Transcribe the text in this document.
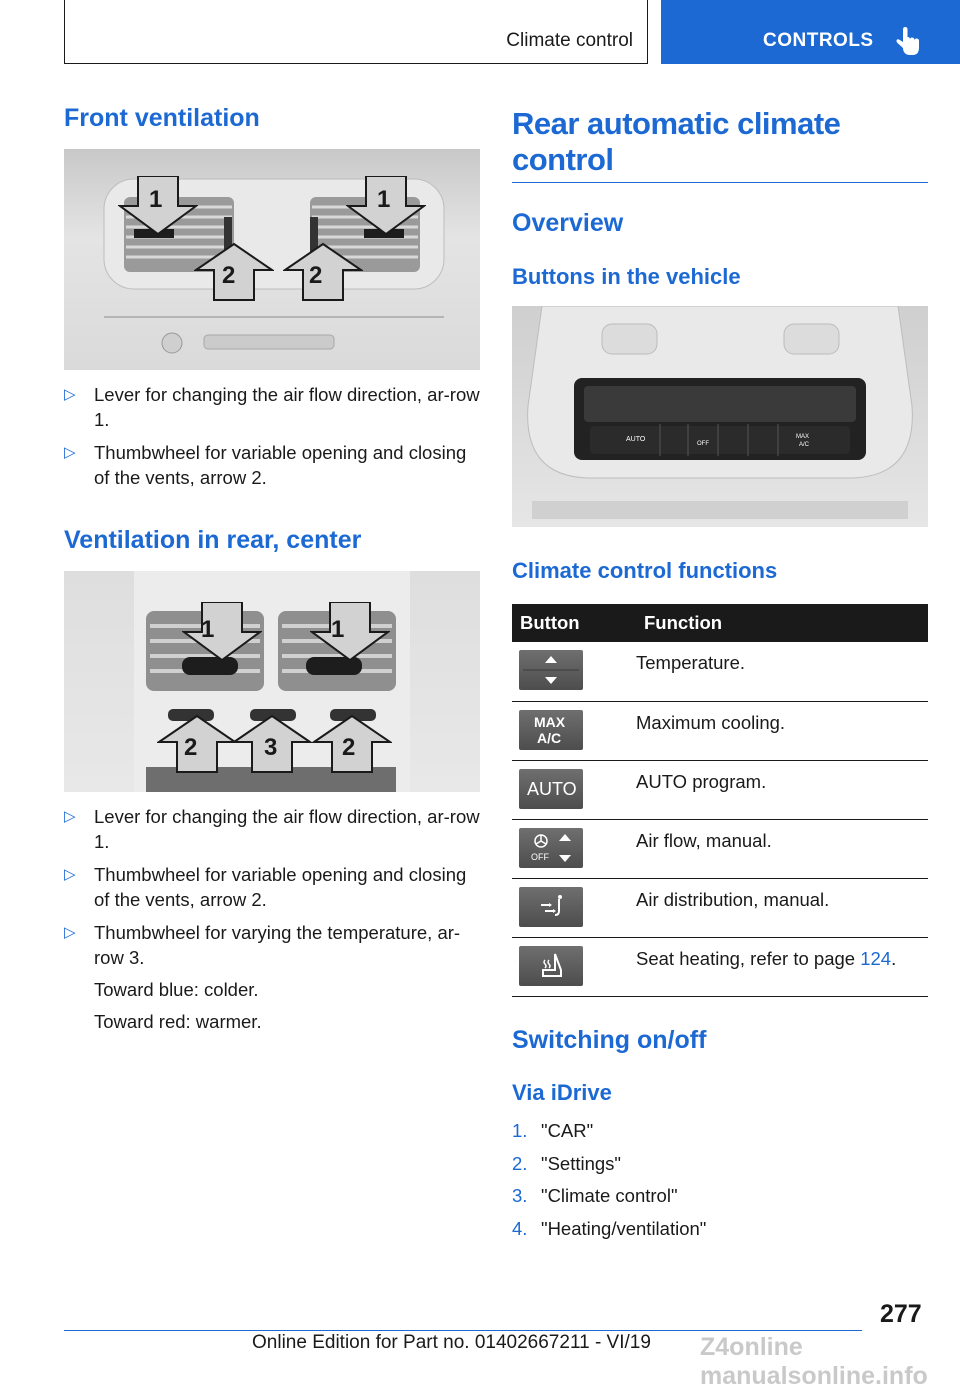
Climate control	CONTROLS
Front ventilation
1	1
2	2
▷ Lever for changing the air flow direction, ar-row 1.
▷ Thumbwheel for variable opening and closing of the vents, arrow 2.
Ventilation in rear, center
1	1
2	3	2
▷ Lever for changing the air flow direction, ar-row 1.
▷ Thumbwheel for variable opening and closing of the vents, arrow 2.
▷ Thumbwheel for varying the temperature, ar-row 3.
Toward blue: colder.
Toward red: warmer.
Rear automatic climate control
Overview
Buttons in the vehicle
AUTO
OFF
MAX
A/C
Climate control functions
Button	Function

	Temperature.

MAX
A/C	Maximum cooling.

AUTO	AUTO program.

OFF	Air flow, manual.

	Air distribution, manual.

	Seat heating, refer to page 124.
Switching on/off
Via iDrive
1. "CAR"
2. "Settings"
3. "Climate control"
4. "Heating/ventilation"
277
Online Edition for Part no. 01402667211 - VI/19 Z4online manualsonline.info
